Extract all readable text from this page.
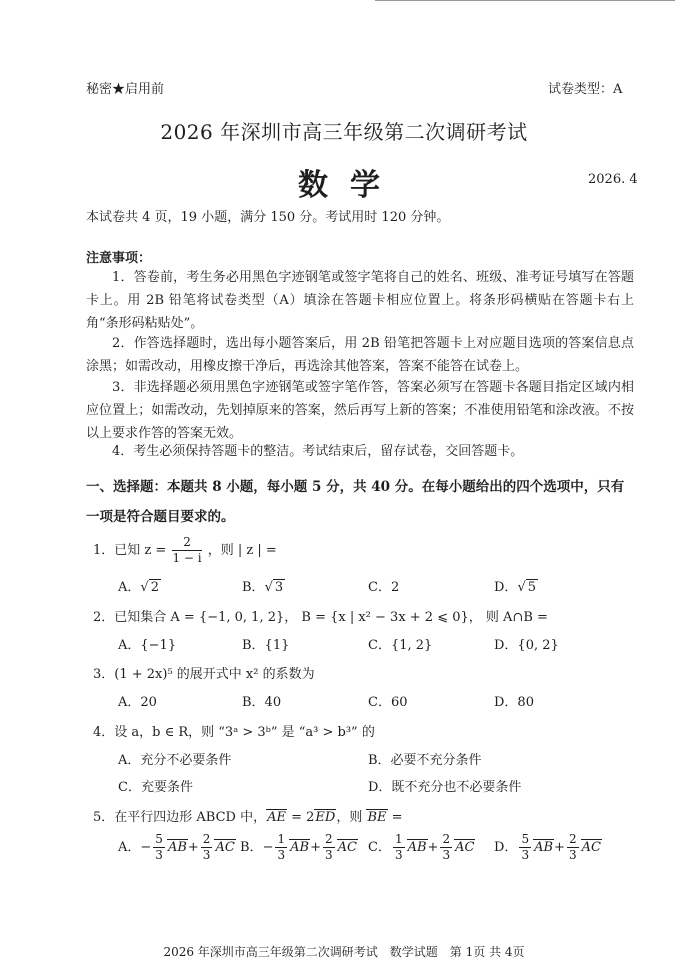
秘密★启用前	试卷类型：A
2026 年深圳市高三年级第二次调研考试
数学	2026. 4
本试卷共 4 页，19 小题，满分 150 分。考试用时 120 分钟。
注意事项：
1．答卷前，考生务必用黑色字迹钢笔或签字笔将自己的姓名、班级、准考证号填写在答题卡上。用 2B 铅笔将试卷类型（A）填涂在答题卡相应位置上。将条形码横贴在答题卡右上角“条形码粘贴处”。
2．作答选择题时，选出每小题答案后，用 2B 铅笔把答题卡上对应题目选项的答案信息点涂黑；如需改动，用橡皮擦干净后，再选涂其他答案，答案不能答在试卷上。
3．非选择题必须用黑色字迹钢笔或签字笔作答，答案必须写在答题卡各题目指定区域内相应位置上；如需改动，先划掉原来的答案，然后再写上新的答案；不准使用铅笔和涂改液。不按以上要求作答的答案无效。
4．考生必须保持答题卡的整洁。考试结束后，留存试卷，交回答题卡。
一、选择题：本题共 8 小题，每小题 5 分，共 40 分。在每小题给出的四个选项中，只有一项是符合题目要求的。
1．已知 $z = \frac{2}{1 - i}$ ，则 | z | =
A．√ 2	B．√ 3	C．2	D．√ 5
2．已知集合 A = {−1, 0, 1, 2}， B = {x | x² − 3x + 2 ⩽ 0}， 则 A∩B =
A．{−1}	B．{1}	C．{1, 2}	D．{0, 2}
3．(1 + 2x)⁵ 的展开式中 x² 的系数为
A．20	B．40	C．60	D．80
4．设 a，b ∈ R，则 “3ᵃ > 3ᵇ” 是 “a³ > b³” 的
A．充分不必要条件	B．必要不充分条件
C．充要条件	D．既不充分也不必要条件
5．在平行四边形 ABCD 中，AE = 2ED，则 BE =
A．− $\frac{5}{3} AB+ \frac{2}{3}$ AC B．− $\frac{1}{3} AB+ \frac{2}{3}$ AC C． $\frac{1}{3} AB+ \frac{2}{3}$ AC D． $\frac{5}{3} AB+ \frac{2}{3}$ AC
2026 年深圳市高三年级第二次调研考试　数学试题　第 1页 共 4页
